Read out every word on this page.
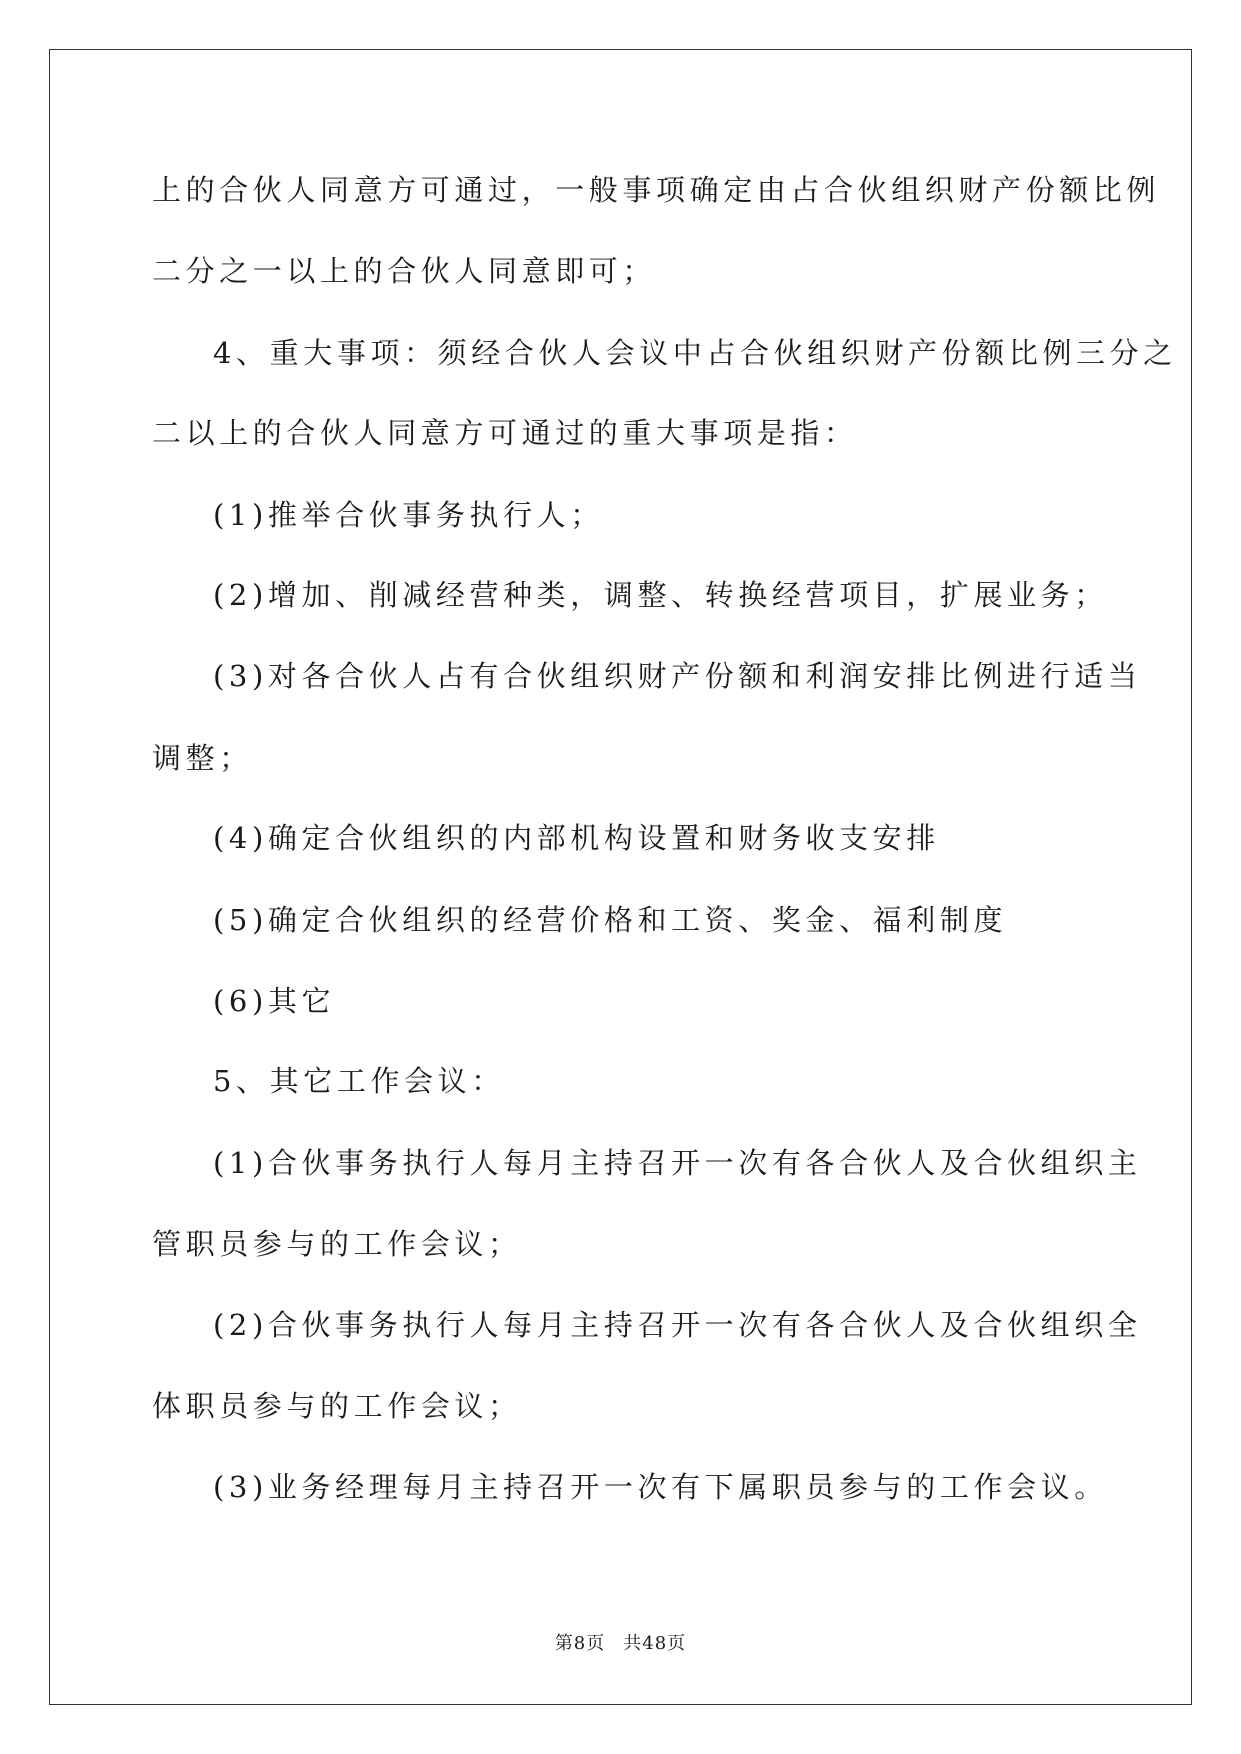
上的合伙人同意方可通过，一般事项确定由占合伙组织财产份额比例
二分之一以上的合伙人同意即可；
4、重大事项：须经合伙人会议中占合伙组织财产份额比例三分之
二以上的合伙人同意方可通过的重大事项是指：
(1)推举合伙事务执行人；
(2)增加、削减经营种类，调整、转换经营项目，扩展业务；
(3)对各合伙人占有合伙组织财产份额和利润安排比例进行适当
调整；
(4)确定合伙组织的内部机构设置和财务收支安排
(5)确定合伙组织的经营价格和工资、奖金、福利制度
(6)其它
5、其它工作会议：
(1)合伙事务执行人每月主持召开一次有各合伙人及合伙组织主
管职员参与的工作会议；
(2)合伙事务执行人每月主持召开一次有各合伙人及合伙组织全
体职员参与的工作会议；
(3)业务经理每月主持召开一次有下属职员参与的工作会议。
第8页 共48页
